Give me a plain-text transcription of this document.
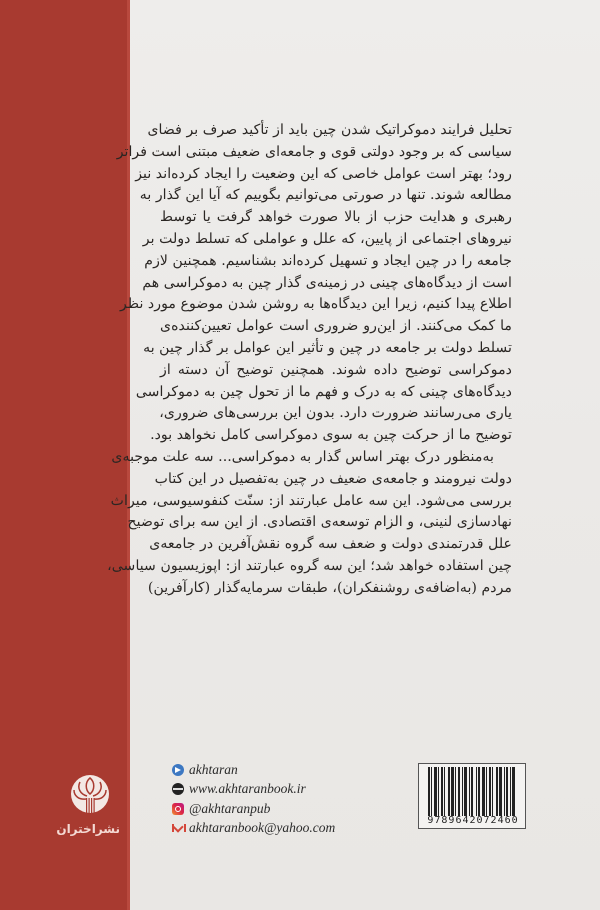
تحلیل فرایند دموکراتیک شدن چین باید از تأکید صرف بر فضای
سیاسی که بر وجود دولتی قوی و جامعه‌ای ضعیف مبتنی است فراتر
رود؛ بهتر است عوامل خاصی که این وضعیت را ایجاد کرده‌اند نیز
مطالعه شوند. تنها در صورتی می‌توانیم بگوییم که آیا این گذار به
رهبری و هدایت حزب از بالا صورت خواهد گرفت یا توسط
نیروهای اجتماعی از پایین، که علل و عواملی که تسلط دولت بر
جامعه را در چین ایجاد و تسهیل کرده‌اند بشناسیم. همچنین لازم
است از دیدگاه‌های چینی در زمینه‌ی گذار چین به دموکراسی هم
اطلاع پیدا کنیم، زیرا این دیدگاه‌ها به روشن شدن موضوع مورد نظر
ما کمک می‌کنند. از این‌رو ضروری است عوامل تعیین‌کننده‌ی
تسلط دولت بر جامعه در چین و تأثیر این عوامل بر گذار چین به
دموکراسی توضیح داده شوند. همچنین توضیح آن دسته از
دیدگاه‌های چینی که به درک و فهم ما از تحول چین به دموکراسی
یاری می‌رسانند ضرورت دارد. بدون این بررسی‌های ضروری،
توضیح ما از حرکت چین به سوی دموکراسی کامل نخواهد بود.
به‌منظور درک بهتر اساس گذار به دموکراسی... سه علت موجبه‌ی
دولت نیرومند و جامعه‌ی ضعیف در چین به‌تفصیل در این کتاب
بررسی می‌شود. این سه عامل عبارتند از: سنّت کنفوسیوسی، میراث
نهادسازی لنینی، و الزام توسعه‌ی اقتصادی. از این سه برای توضیح
علل قدرتمندی دولت و ضعف سه گروه نقش‌آفرین در جامعه‌ی
چین استفاده خواهد شد؛ این سه گروه عبارتند از: اپوزیسیون سیاسی،
مردم (به‌اضافه‌ی روشنفکران)، طبقات سرمایه‌گذار (کارآفرین)
akhtaran
www.akhtaranbook.ir
@akhtaranpub
akhtaranbook@yahoo.com	9789642072460
نشراختران
